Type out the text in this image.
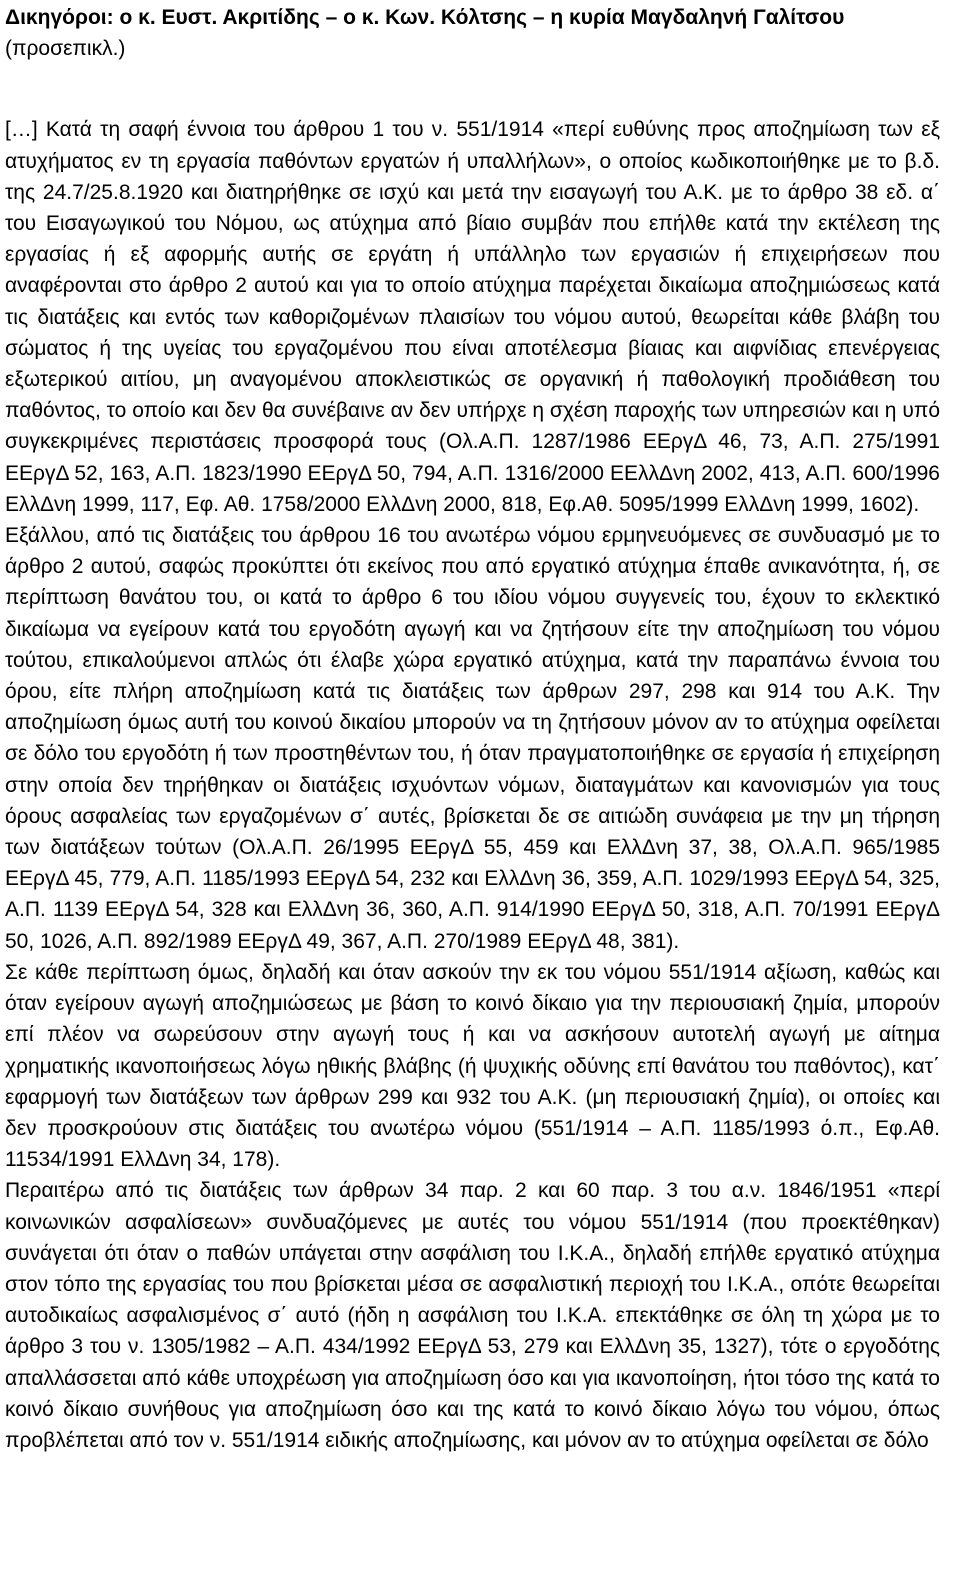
Δικηγόροι: ο κ. Ευστ. Ακριτίδης – ο κ. Κων. Κόλτσης – η κυρία Μαγδαληνή Γαλίτσου
(προσεπικλ.)

[…] Κατά τη σαφή έννοια του άρθρου 1 του ν. 551/1914 «περί ευθύνης προς αποζημίωση των εξ ατυχήματος εν τη εργασία παθόντων εργατών ή υπαλλήλων», ο οποίος κωδικοποιήθηκε με το β.δ. της 24.7/25.8.1920 και διατηρήθηκε σε ισχύ και μετά την εισαγωγή του Α.Κ. με το άρθρο 38 εδ. α΄ του Εισαγωγικού του Νόμου, ως ατύχημα από βίαιο συμβάν που επήλθε κατά την εκτέλεση της εργασίας ή εξ αφορμής αυτής σε εργάτη ή υπάλληλο των εργασιών ή επιχειρήσεων που αναφέρονται στο άρθρο 2 αυτού και για το οποίο ατύχημα παρέχεται δικαίωμα αποζημιώσεως κατά τις διατάξεις και εντός των καθοριζομένων πλαισίων του νόμου αυτού, θεωρείται κάθε βλάβη του σώματος ή της υγείας του εργαζομένου που είναι αποτέλεσμα βίαιας και αιφνίδιας επενέργειας εξωτερικού αιτίου, μη αναγομένου αποκλειστικώς σε οργανική ή παθολογική προδιάθεση του παθόντος, το οποίο και δεν θα συνέβαινε αν δεν υπήρχε η σχέση παροχής των υπηρεσιών και η υπό συγκεκριμένες περιστάσεις προσφορά τους (Ολ.Α.Π. 1287/1986 ΕΕργΔ 46, 73, Α.Π. 275/1991 ΕΕργΔ 52, 163, Α.Π. 1823/1990 ΕΕργΔ 50, 794, Α.Π. 1316/2000 ΕΕλλΔνη 2002, 413, Α.Π. 600/1996 ΕλλΔνη 1999, 117, Εφ. Αθ. 1758/2000 ΕλλΔνη 2000, 818, Εφ.Αθ. 5095/1999 ΕλλΔνη 1999, 1602).

Εξάλλου, από τις διατάξεις του άρθρου 16 του ανωτέρω νόμου ερμηνευόμενες σε συνδυασμό με το άρθρο 2 αυτού, σαφώς προκύπτει ότι εκείνος που από εργατικό ατύχημα έπαθε ανικανότητα, ή, σε περίπτωση θανάτου του, οι κατά το άρθρο 6 του ιδίου νόμου συγγενείς του, έχουν το εκλεκτικό δικαίωμα να εγείρουν κατά του εργοδότη αγωγή και να ζητήσουν είτε την αποζημίωση του νόμου τούτου, επικαλούμενοι απλώς ότι έλαβε χώρα εργατικό ατύχημα, κατά την παραπάνω έννοια του όρου, είτε πλήρη αποζημίωση κατά τις διατάξεις των άρθρων 297, 298 και 914 του Α.Κ. Την αποζημίωση όμως αυτή του κοινού δικαίου μπορούν να τη ζητήσουν μόνον αν το ατύχημα οφείλεται σε δόλο του εργοδότη ή των προστηθέντων του, ή όταν πραγματοποιήθηκε σε εργασία ή επιχείρηση στην οποία δεν τηρήθηκαν οι διατάξεις ισχυόντων νόμων, διαταγμάτων και κανονισμών για τους όρους ασφαλείας των εργαζομένων σ΄ αυτές, βρίσκεται δε σε αιτιώδη συνάφεια με την μη τήρηση των διατάξεων τούτων (Ολ.Α.Π. 26/1995 ΕΕργΔ 55, 459 και ΕλλΔνη 37, 38, Ολ.Α.Π. 965/1985 ΕΕργΔ 45, 779, Α.Π. 1185/1993 ΕΕργΔ 54, 232 και ΕλλΔνη 36, 359, Α.Π. 1029/1993 ΕΕργΔ 54, 325, Α.Π. 1139 ΕΕργΔ 54, 328 και ΕλλΔνη 36, 360, Α.Π. 914/1990 ΕΕργΔ 50, 318, Α.Π. 70/1991 ΕΕργΔ 50, 1026, Α.Π. 892/1989 ΕΕργΔ 49, 367, Α.Π. 270/1989 ΕΕργΔ 48, 381).

Σε κάθε περίπτωση όμως, δηλαδή και όταν ασκούν την εκ του νόμου 551/1914 αξίωση, καθώς και όταν εγείρουν αγωγή αποζημιώσεως με βάση το κοινό δίκαιο για την περιουσιακή ζημία, μπορούν επί πλέον να σωρεύσουν στην αγωγή τους ή και να ασκήσουν αυτοτελή αγωγή με αίτημα χρηματικής ικανοποιήσεως λόγω ηθικής βλάβης (ή ψυχικής οδύνης επί θανάτου του παθόντος), κατ΄ εφαρμογή των διατάξεων των άρθρων 299 και 932 του Α.Κ. (μη περιουσιακή ζημία), οι οποίες και δεν προσκρούουν στις διατάξεις του ανωτέρω νόμου (551/1914 – Α.Π. 1185/1993 ό.π., Εφ.Αθ. 11534/1991 ΕλλΔνη 34, 178).

Περαιτέρω από τις διατάξεις των άρθρων 34 παρ. 2 και 60 παρ. 3 του α.ν. 1846/1951 «περί κοινωνικών ασφαλίσεων» συνδυαζόμενες με αυτές του νόμου 551/1914 (που προεκτέθηκαν) συνάγεται ότι όταν ο παθών υπάγεται στην ασφάλιση του Ι.Κ.Α., δηλαδή επήλθε εργατικό ατύχημα στον τόπο της εργασίας του που βρίσκεται μέσα σε ασφαλιστική περιοχή του Ι.Κ.Α., οπότε θεωρείται αυτοδικαίως ασφαλισμένος σ΄ αυτό (ήδη η ασφάλιση του Ι.Κ.Α. επεκτάθηκε σε όλη τη χώρα με το άρθρο 3 του ν. 1305/1982 – Α.Π. 434/1992 ΕΕργΔ 53, 279 και ΕλλΔνη 35, 1327), τότε ο εργοδότης απαλλάσσεται από κάθε υποχρέωση για αποζημίωση όσο και για ικανοποίηση, ήτοι τόσο της κατά το κοινό δίκαιο συνήθους για αποζημίωση όσο και της κατά το κοινό δίκαιο λόγω του νόμου, όπως προβλέπεται από τον ν. 551/1914 ειδικής αποζημίωσης, και μόνον αν το ατύχημα οφείλεται σε δόλο
